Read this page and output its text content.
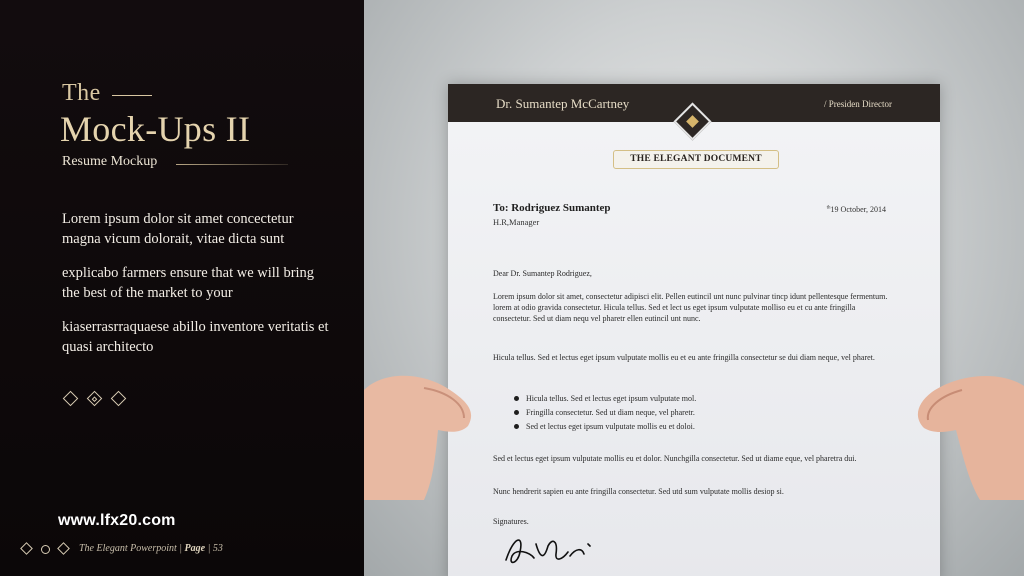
The
Mock-Ups II
Resume Mockup
Lorem ipsum dolor sit amet concectetur magna vicum dolorait, vitae dicta sunt
explicabo farmers ensure that we will bring the best of the market to your
kiaserrasrraquaese abillo inventore veritatis et quasi architecto
www.lfx20.com
The Elegant Powerpoint | Page | 53
Dr. Sumantep McCartney	/ Presiden Director
THE ELEGANT DOCUMENT
To: Rodriguez Sumantep
H.R,Manager
$^{th}$19 October, 2014
Dear Dr. Sumantep Rodriguez,
Lorem ipsum dolor sit amet, consectetur adipisci elit. Pellen eutincil unt nunc pulvinar tincp idunt pellentesque fermentum. lorem at odio gravida consectetur. Hicula tellus. Sed et lect us eget ipsum vulputate molliso eu et cu ante fringilla consectetur. Sed ut diam nequ vel pharetr ellen eutincil unt nunc.
Hicula tellus. Sed et lectus eget ipsum vulputate mollis eu et eu ante fringilla consectetur se dui diam neque, vel pharet.
Hicula tellus. Sed et lectus eget ipsum vulputate mol.
Fringilla consectetur. Sed ut diam neque, vel pharetr.
Sed et lectus eget ipsum vulputate mollis eu et doloi.
Sed et lectus eget ipsum vulputate mollis eu et dolor. Nunchgilla consectetur. Sed ut diame eque, vel pharetra dui.
Nunc hendrerit sapien eu ante fringilla consectetur. Sed utd sum vulputate mollis desiop si.
Signatures.
